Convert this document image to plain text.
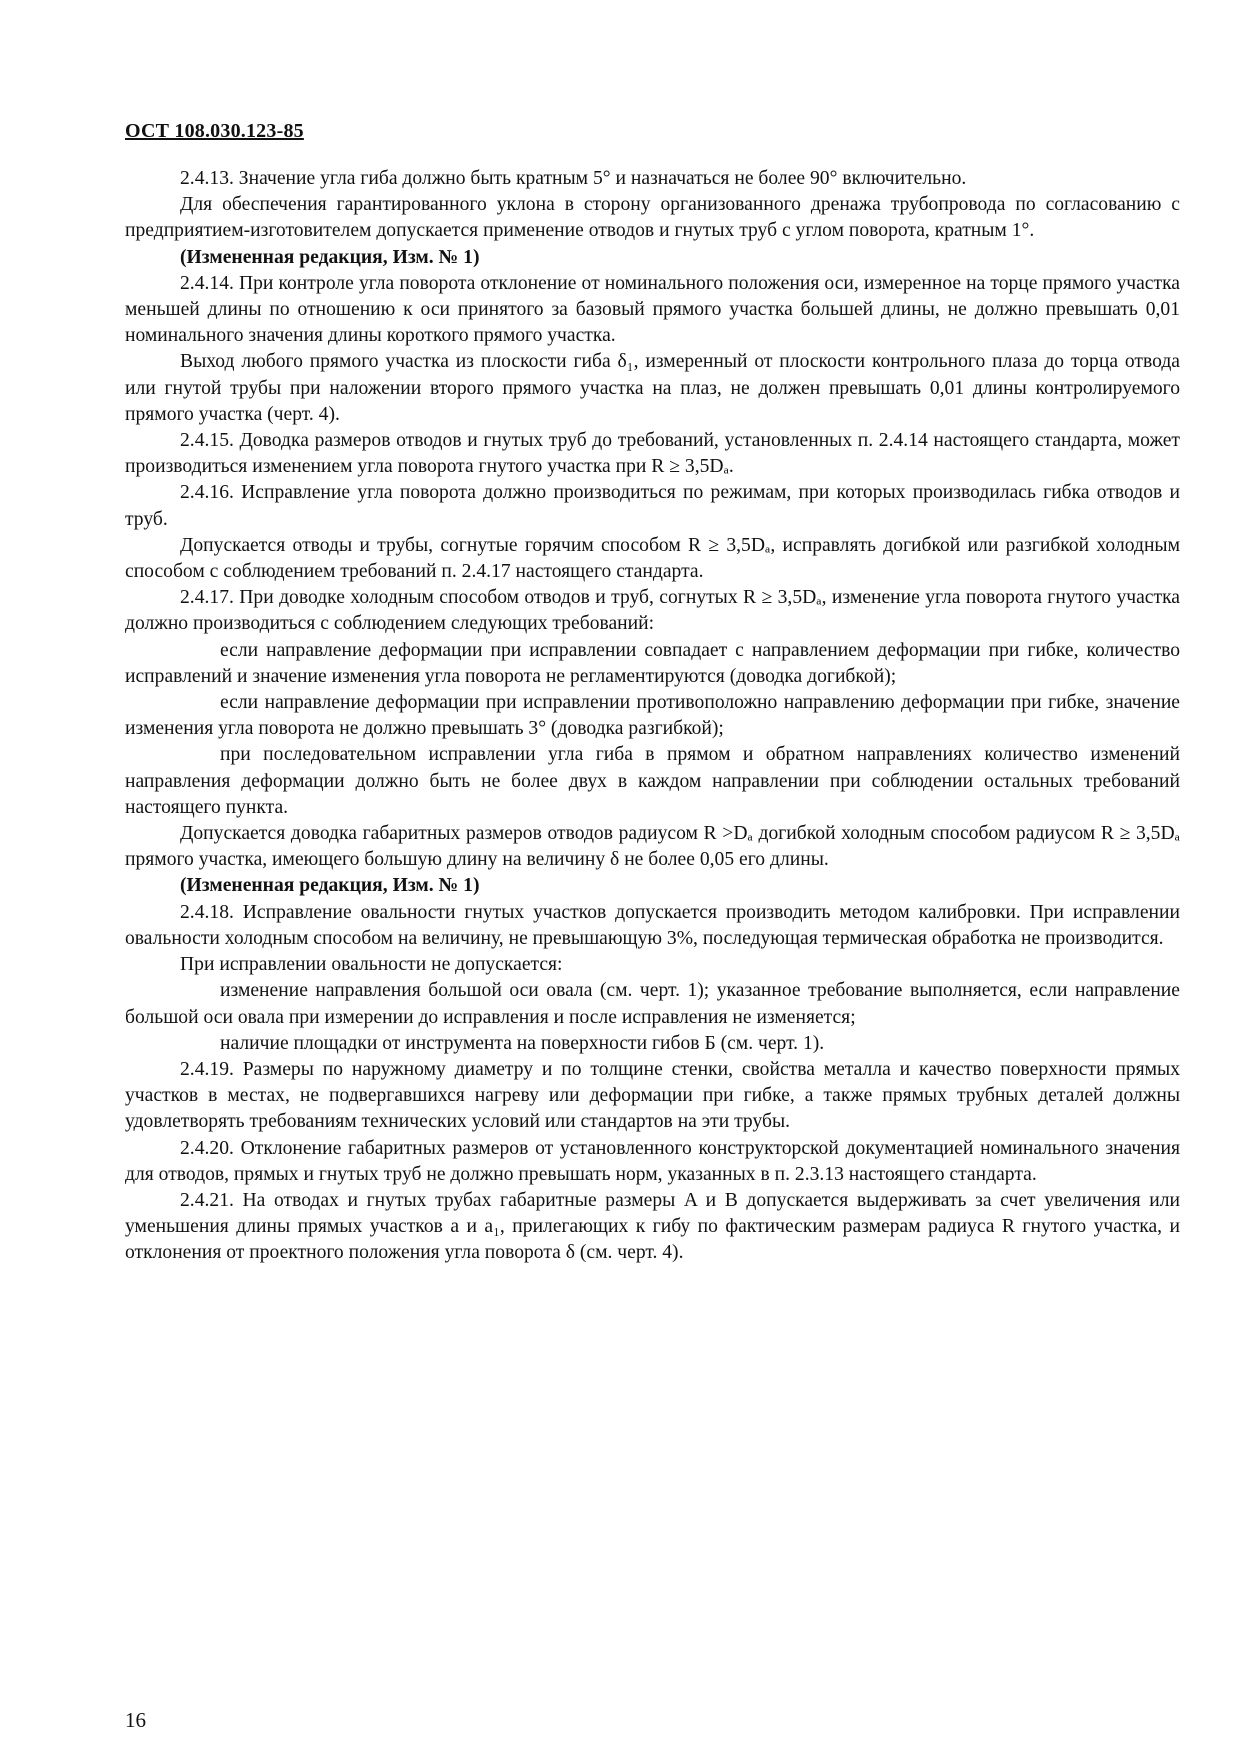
ОСТ 108.030.123-85

2.4.13. Значение угла гиба должно быть кратным 5° и назначаться не более 90° включительно.

Для обеспечения гарантированного уклона в сторону организованного дренажа трубопровода по согласованию с предприятием-изготовителем допускается применение отводов и гнутых труб с углом поворота, кратным 1°.

(Измененная редакция, Изм. № 1)

2.4.14. При контроле угла поворота отклонение от номинального положения оси, измеренное на торце прямого участка меньшей длины по отношению к оси принятого за базовый прямого участка большей длины, не должно превышать 0,01 номинального значения длины короткого прямого участка.

Выход любого прямого участка из плоскости гиба δ₁, измеренный от плоскости контрольного плаза до торца отвода или гнутой трубы при наложении второго прямого участка на плаз, не должен превышать 0,01 длины контролируемого прямого участка (черт. 4).

2.4.15. Доводка размеров отводов и гнутых труб до требований, установленных п. 2.4.14 настоящего стандарта, может производиться изменением угла поворота гнутого участка при R ≥ 3,5Dₐ.

2.4.16. Исправление угла поворота должно производиться по режимам, при которых производилась гибка отводов и труб.

Допускается отводы и трубы, согнутые горячим способом R ≥ 3,5Dₐ, исправлять догибкой или разгибкой холодным способом с соблюдением требований п. 2.4.17 настоящего стандарта.

2.4.17. При доводке холодным способом отводов и труб, согнутых R ≥ 3,5Dₐ, изменение угла поворота гнутого участка должно производиться с соблюдением следующих требований:

если направление деформации при исправлении совпадает с направлением деформации при гибке, количество исправлений и значение изменения угла поворота не регламентируются (доводка догибкой);

если направление деформации при исправлении противоположно направлению деформации при гибке, значение изменения угла поворота не должно превышать 3° (доводка разгибкой);

при последовательном исправлении угла гиба в прямом и обратном направлениях количество изменений направления деформации должно быть не более двух в каждом направлении при соблюдении остальных требований настоящего пункта.

Допускается доводка габаритных размеров отводов радиусом R >Dₐ догибкой холодным способом радиусом R ≥ 3,5Dₐ прямого участка, имеющего большую длину на величину δ не более 0,05 его длины.

(Измененная редакция, Изм. № 1)

2.4.18. Исправление овальности гнутых участков допускается производить методом калибровки. При исправлении овальности холодным способом на величину, не превышающую 3%, последующая термическая обработка не производится.

При исправлении овальности не допускается:

изменение направления большой оси овала (см. черт. 1); указанное требование выполняется, если направление большой оси овала при измерении до исправления и после исправления не изменяется;

наличие площадки от инструмента на поверхности гибов Б (см. черт. 1).

2.4.19. Размеры по наружному диаметру и по толщине стенки, свойства металла и качество поверхности прямых участков в местах, не подвергавшихся нагреву или деформации при гибке, а также прямых трубных деталей должны удовлетворять требованиям технических условий или стандартов на эти трубы.

2.4.20. Отклонение габаритных размеров от установленного конструкторской документацией номинального значения для отводов, прямых и гнутых труб не должно превышать норм, указанных в п. 2.3.13 настоящего стандарта.

2.4.21. На отводах и гнутых трубах габаритные размеры A и B допускается выдерживать за счет увеличения или уменьшения длины прямых участков a и a₁, прилегающих к гибу по фактическим размерам радиуса R гнутого участка, и отклонения от проектного положения угла поворота δ (см. черт. 4).

16
